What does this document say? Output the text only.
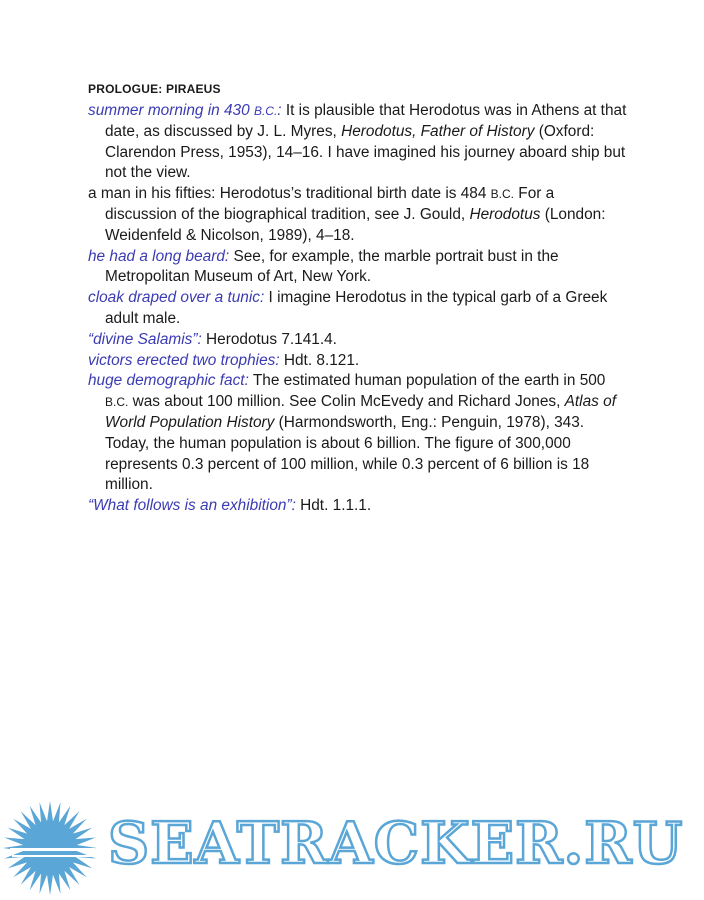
PROLOGUE: PIRAEUS

summer morning in 430 B.C.: It is plausible that Herodotus was in Athens at that date, as discussed by J. L. Myres, Herodotus, Father of History (Oxford: Clarendon Press, 1953), 14–16. I have imagined his journey aboard ship but not the view.

a man in his fifties: Herodotus’s traditional birth date is 484 B.C. For a discussion of the biographical tradition, see J. Gould, Herodotus (London: Weidenfeld & Nicolson, 1989), 4–18.

he had a long beard: See, for example, the marble portrait bust in the Metropolitan Museum of Art, New York.

cloak draped over a tunic: I imagine Herodotus in the typical garb of a Greek adult male.

“divine Salamis”: Herodotus 7.141.4.

victors erected two trophies: Hdt. 8.121.

huge demographic fact: The estimated human population of the earth in 500 B.C. was about 100 million. See Colin McEvedy and Richard Jones, Atlas of World Population History (Harmondsworth, Eng.: Penguin, 1978), 343. Today, the human population is about 6 billion. The figure of 300,000 represents 0.3 percent of 100 million, while 0.3 percent of 6 billion is 18 million.

“What follows is an exhibition”: Hdt. 1.1.1.

SEATRACKER.RU
